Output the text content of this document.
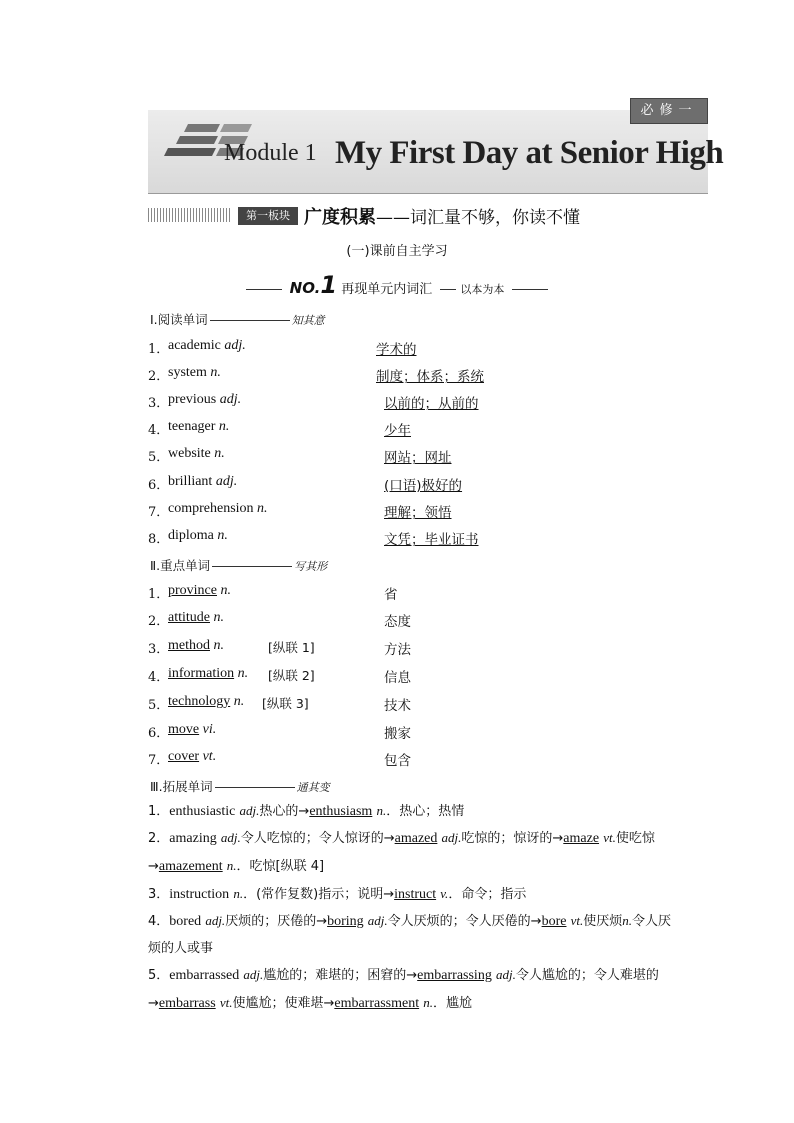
必修一
Module 1 My First Day at Senior High
第一板块 广度积累——词汇量不够，你读不懂
(一)课前自主学习
NO.1 再现单元内词汇	以本为本
Ⅰ.阅读单词	知其意
1．
academic adj.	学术的
2．
system n.	制度；体系；系统
3．
previous adj.	以前的；从前的
4．
teenager n.	少年
5．
website n.	网站；网址
6．
brilliant adj.	(口语)极好的
7．
comprehension n.	理解；领悟
8．
diploma n.	文凭；毕业证书
Ⅱ.重点单词	写其形
1．
province n.	省
2．
attitude n.	态度
3．
method n.	[纵联 1]	方法
4．
information n. [纵联 2]	信息
5．
technology n. [纵联 3]	技术
6．
move vi.	搬家
7．
cover vt.	包含
Ⅲ.拓展单词	通其变
1．enthusiastic adj.热心的→enthusiasm n.．热心；热情
2．amazing adj.令人吃惊的；令人惊讶的→amazed adj.吃惊的；惊讶的→amaze vt.使吃惊→amazement n.．吃惊[纵联 4]
3．instruction n.．(常作复数)指示；说明→instruct v.．命令；指示
4．bored adj.厌烦的；厌倦的→boring adj.令人厌烦的；令人厌倦的→bore vt.使厌烦n.令人厌烦的人或事
5．embarrassed adj.尴尬的；难堪的；困窘的→embarrassing adj.令人尴尬的；令人难堪的→embarrass vt.使尴尬；使难堪→embarrassment n.．尴尬
